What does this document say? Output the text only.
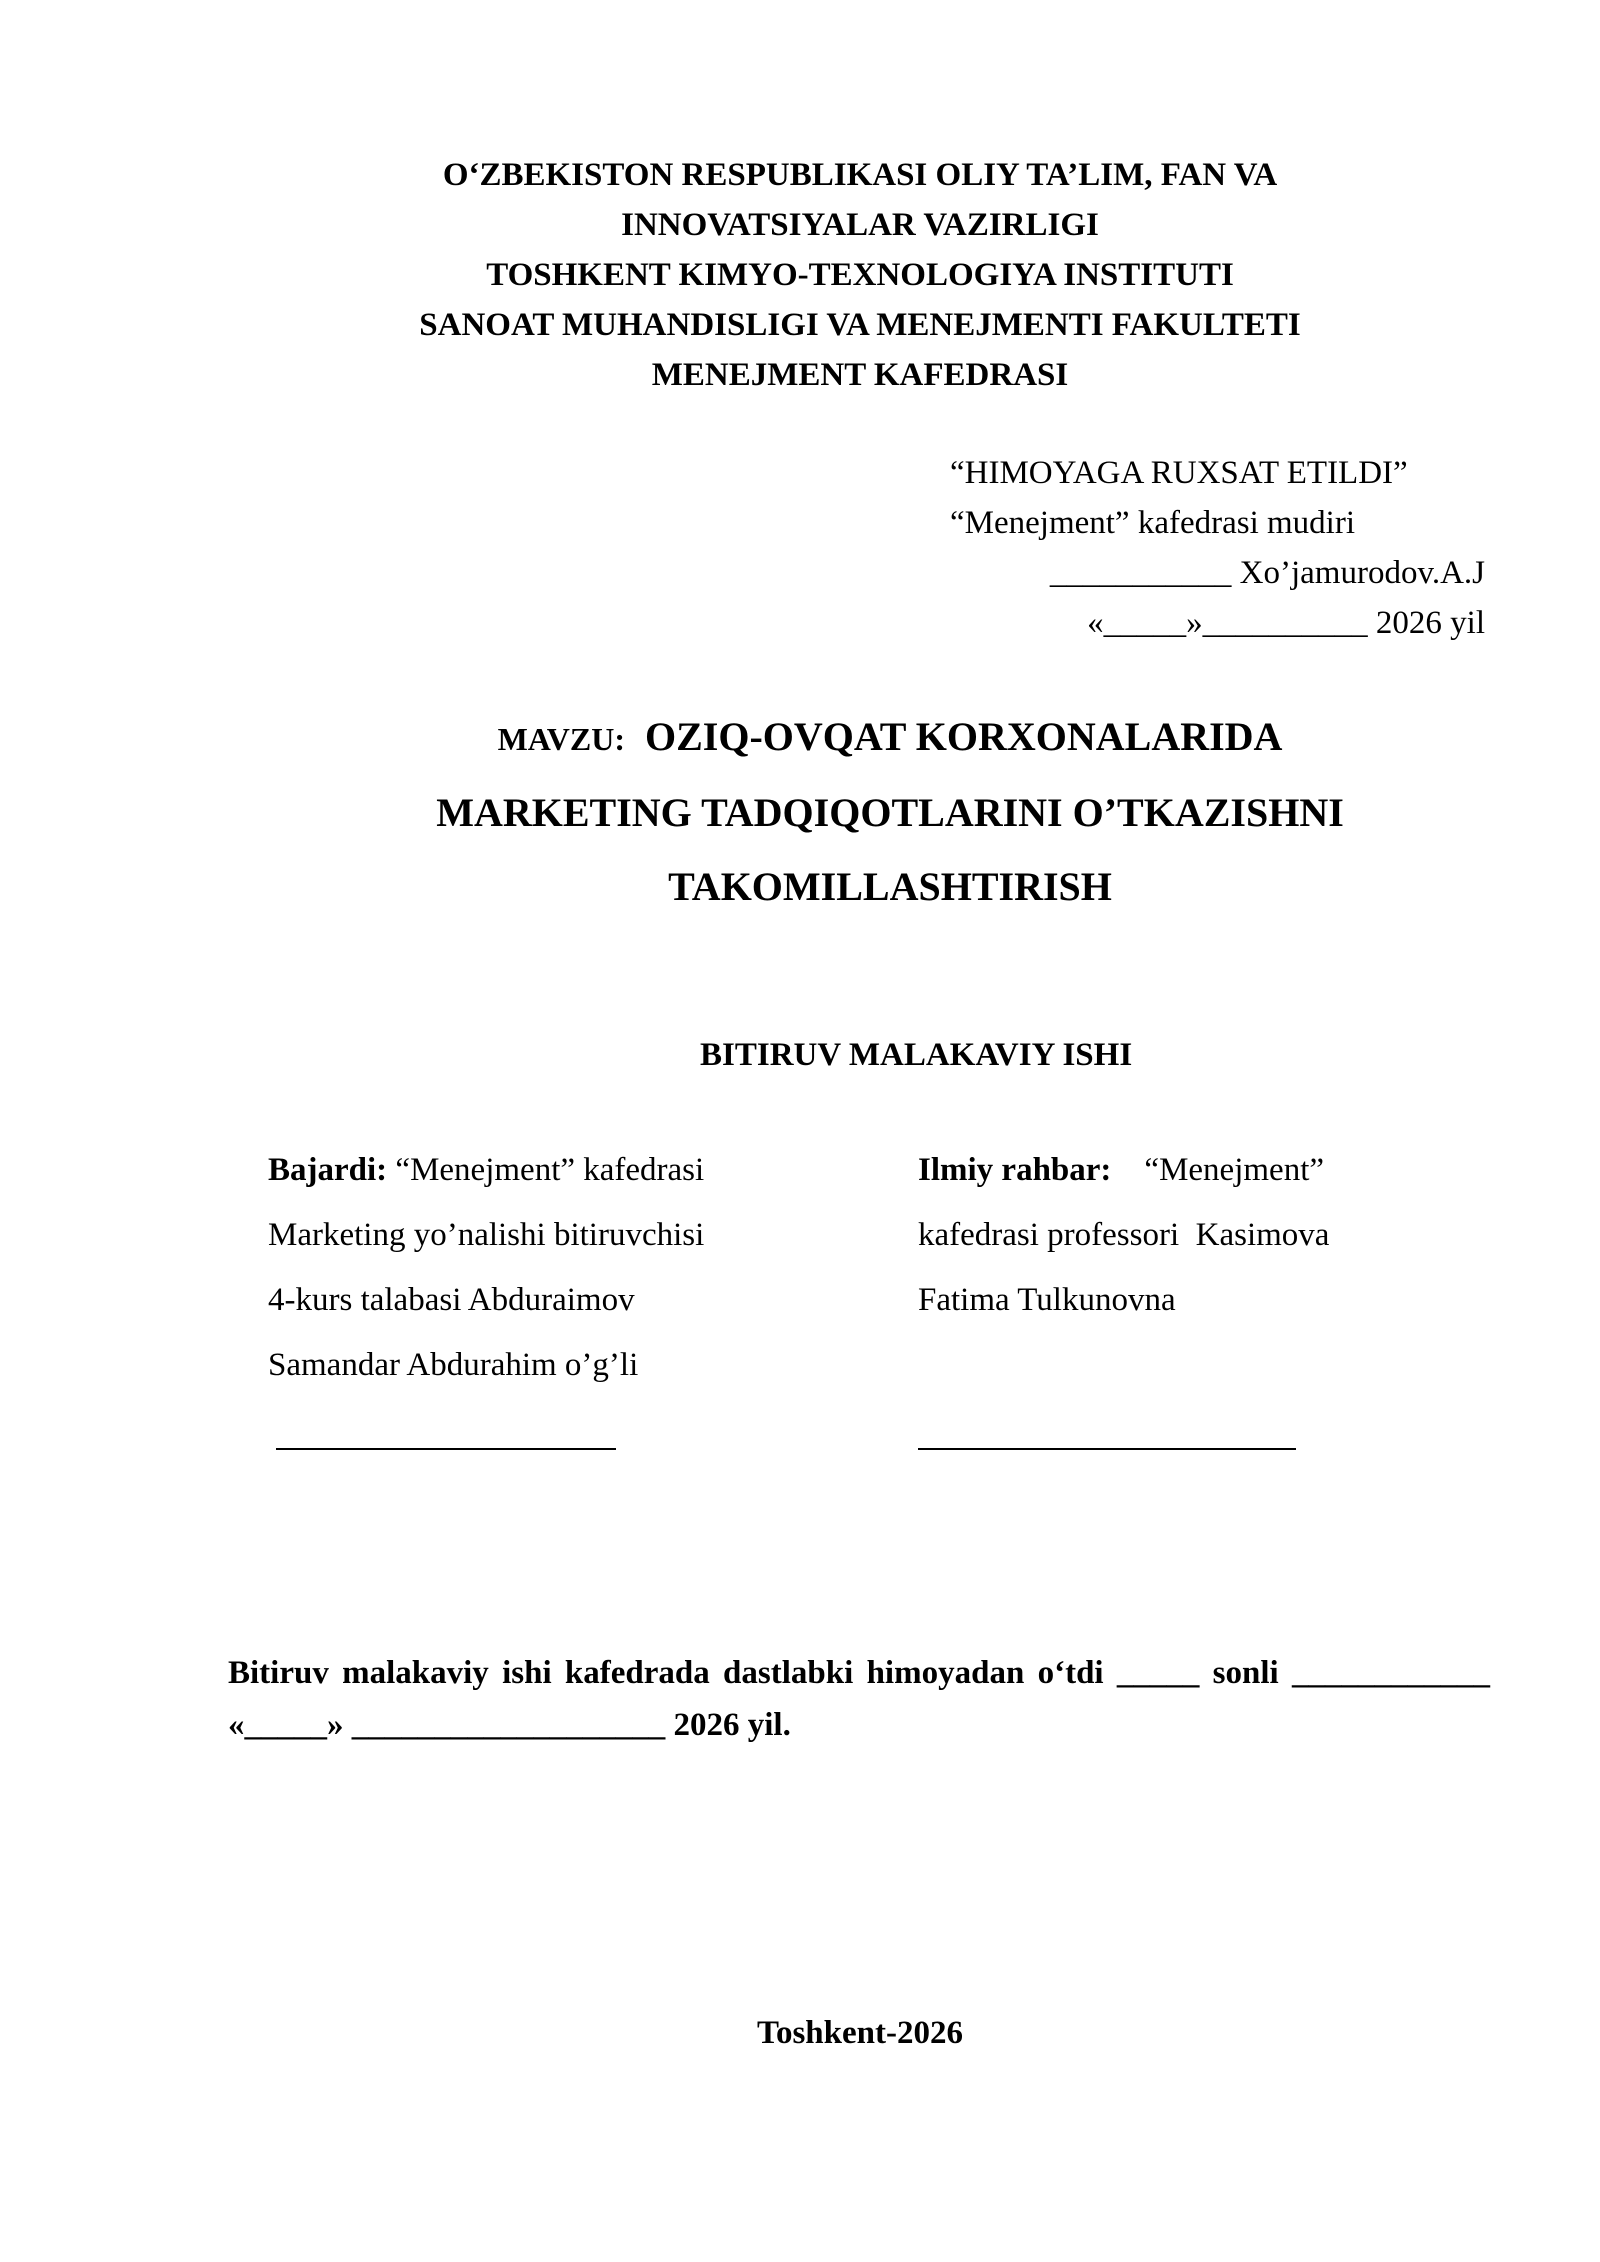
O‘ZBEKISTON RESPUBLIKASI OLIY TA’LIM, FAN VA
INNOVATSIYALAR VAZIRLIGI
TOSHKENT KIMYO-TEXNOLOGIYA INSTITUTI
SANOAT MUHANDISLIGI VA MENEJMENTI FAKULTETI
MENEJMENT KAFEDRASI
“HIMOYAGA RUXSAT ETILDI”
“Menejment” kafedrasi mudiri
___________ Xo’jamurodov.A.J
«_____»__________ 2026 yil
MAVZU: OZIQ-OVQAT KORXONALARIDA
MARKETING TADQIQOTLARINI O’TKAZISHNI
TAKOMILLASHTIRISH
BITIRUV MALAKAVIY ISHI
Bajardi: “Menejment” kafedrasi
Marketing yo’nalishi bitiruvchisi
4-kurs talabasi Abduraimov
Samandar Abdurahim o’g’li
Ilmiy rahbar:    “Menejment”
kafedrasi professori  Kasimova
Fatima Tulkunovna
Bitiruv malakaviy ishi kafedrada dastlabki himoyadan o‘tdi _____ sonli ____________ «_____» ___________________ 2026 yil.
Toshkent-2026
